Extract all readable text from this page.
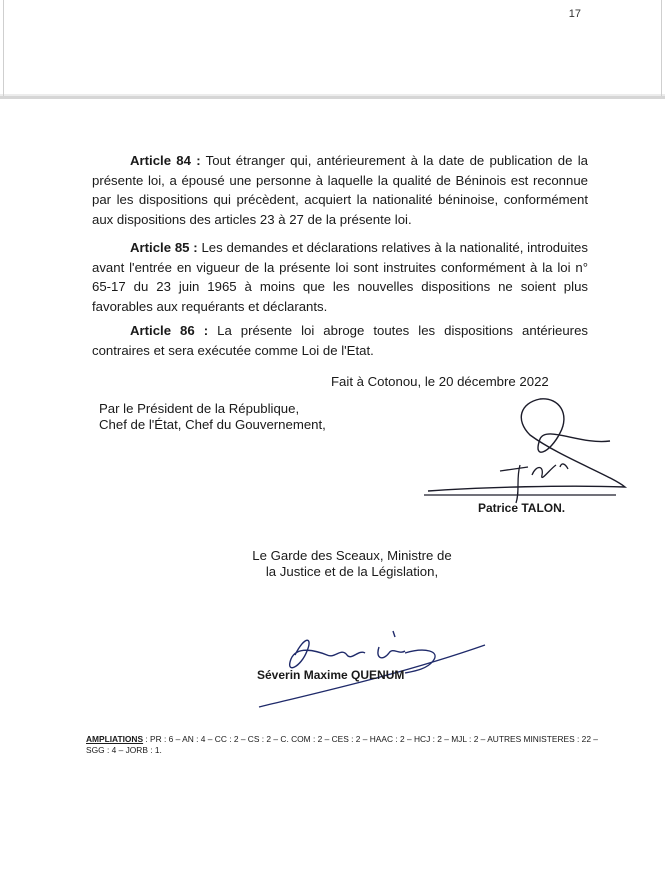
17
Article 84 : Tout étranger qui, antérieurement à la date de publication de la présente loi, a épousé une personne à laquelle la qualité de Béninois est reconnue par les dispositions qui précèdent, acquiert la nationalité béninoise, conformément aux dispositions des articles 23 à 27 de la présente loi.
Article 85 : Les demandes et déclarations relatives à la nationalité, introduites avant l'entrée en vigueur de la présente loi sont instruites conformément à la loi n° 65-17 du 23 juin 1965 à moins que les nouvelles dispositions ne soient plus favorables aux requérants et déclarants.
Article 86 : La présente loi abroge toutes les dispositions antérieures contraires et sera exécutée comme Loi de l'Etat.
Fait à Cotonou, le 20 décembre 2022
Par le Président de la République,
Chef de l'État, Chef du Gouvernement,
Patrice TALON.
Le Garde des Sceaux, Ministre de
la Justice et de la Législation,
Séverin Maxime QUENUM
AMPLIATIONS : PR : 6 – AN : 4 – CC : 2 – CS : 2 – C. COM : 2 – CES : 2 – HAAC : 2 – HCJ : 2 – MJL : 2 – AUTRES MINISTERES : 22 – SGG : 4 – JORB : 1.
